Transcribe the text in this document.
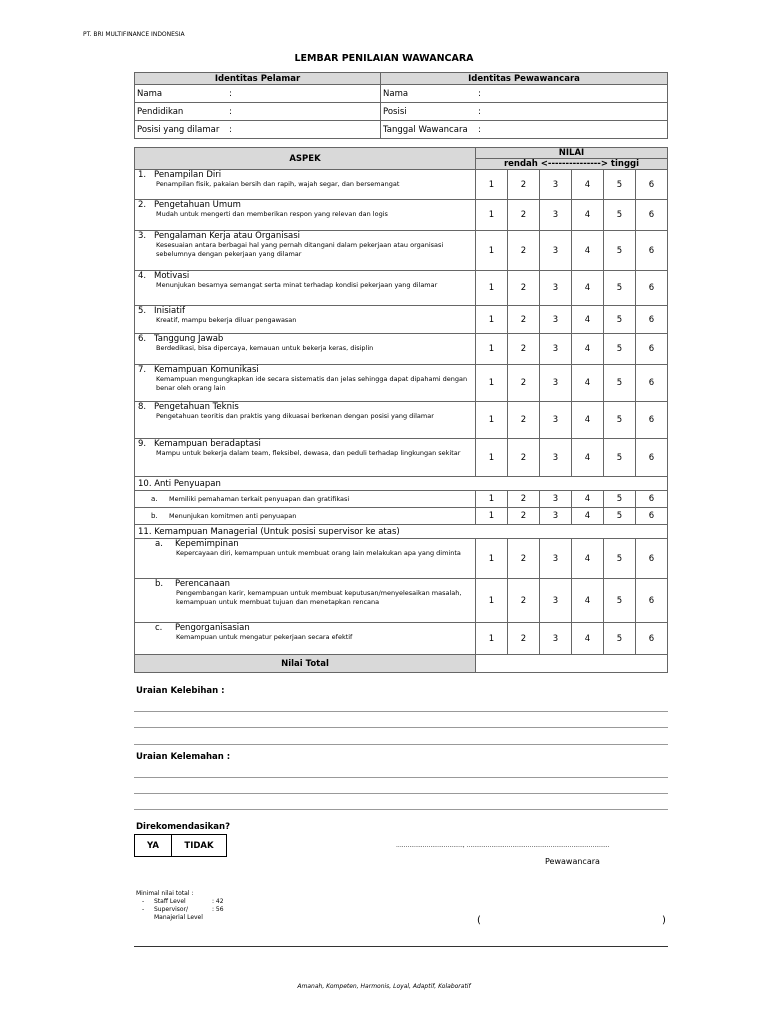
PT. BRI MULTIFINANCE INDONESIA
LEMBAR PENILAIAN WAWANCARA
Identitas Pelamar	Identitas Pewawancara
Nama :	Nama :
Pendidikan :	Posisi :
Posisi yang dilamar :	Tanggal Wawancara :
ASPEK	NILAI					
	rendah <---------------> tinggi					

1. Penampilan Diri
Penampilan fisik, pakaian bersih dan rapih, wajah segar, dan bersemangat	1	2	3	4	5	6

2. Pengetahuan Umum
Mudah untuk mengerti dan memberikan respon yang relevan dan logis	1	2	3	4	5	6

3. Pengalaman Kerja atau Organisasi
Kesesuaian antara berbagai hal yang pernah ditangani dalam pekerjaan atau organisasi sebelumnya dengan pekerjaan yang dilamar	1	2	3	4	5	6

4. Motivasi
Menunjukan besarnya semangat serta minat terhadap kondisi pekerjaan yang dilamar	1	2	3	4	5	6

5. Inisiatif
Kreatif, mampu bekerja diluar pengawasan	1	2	3	4	5	6

6. Tanggung Jawab
Berdedikasi, bisa dipercaya, kemauan untuk bekerja keras, disiplin	1	2	3	4	5	6

7. Kemampuan Komunikasi
Kemampuan mengungkapkan ide secara sistematis dan jelas sehingga dapat dipahami dengan benar oleh orang lain	1	2	3	4	5	6

8. Pengetahuan Teknis
Pengetahuan teoritis dan praktis yang dikuasai berkenan dengan posisi yang dilamar	1	2	3	4	5	6

9. Kemampuan beradaptasi
Mampu untuk bekerja dalam team, fleksibel, dewasa, dan peduli terhadap lingkungan sekitar	1	2	3	4	5	6
10. Anti Penyuapan						
a. Memiliki pemahaman terkait penyuapan dan gratifikasi	1	2	3	4	5	6
b. Menunjukan komitmen anti penyuapan	1	2	3	4	5	6
11. Kemampuan Managerial (Untuk posisi supervisor ke atas)						

a. Kepemimpinan
Kepercayaan diri, kemampuan untuk membuat orang lain melakukan apa yang diminta	1	2	3	4	5	6

b. Perencanaan
Pengembangan karir, kemampuan untuk membuat keputusan/menyelesaikan masalah, kemampuan untuk membuat tujuan dan menetapkan rencana	1	2	3	4	5	6

c. Pengorganisasian
Kemampuan untuk mengatur pekerjaan secara efektif	1	2	3	4	5	6
Nilai Total						
Uraian Kelebihan :
Uraian Kelemahan :
Direkomendasikan?
YA	TIDAK	..................................., ...........................................................................
Pewawancara
Minimal nilai total :
-	Staff Level	: 42
-	Supervisor/ Manajerial Level
: 56
(	)
Amanah, Kompeten, Harmonis, Loyal, Adaptif, Kolaboratif
